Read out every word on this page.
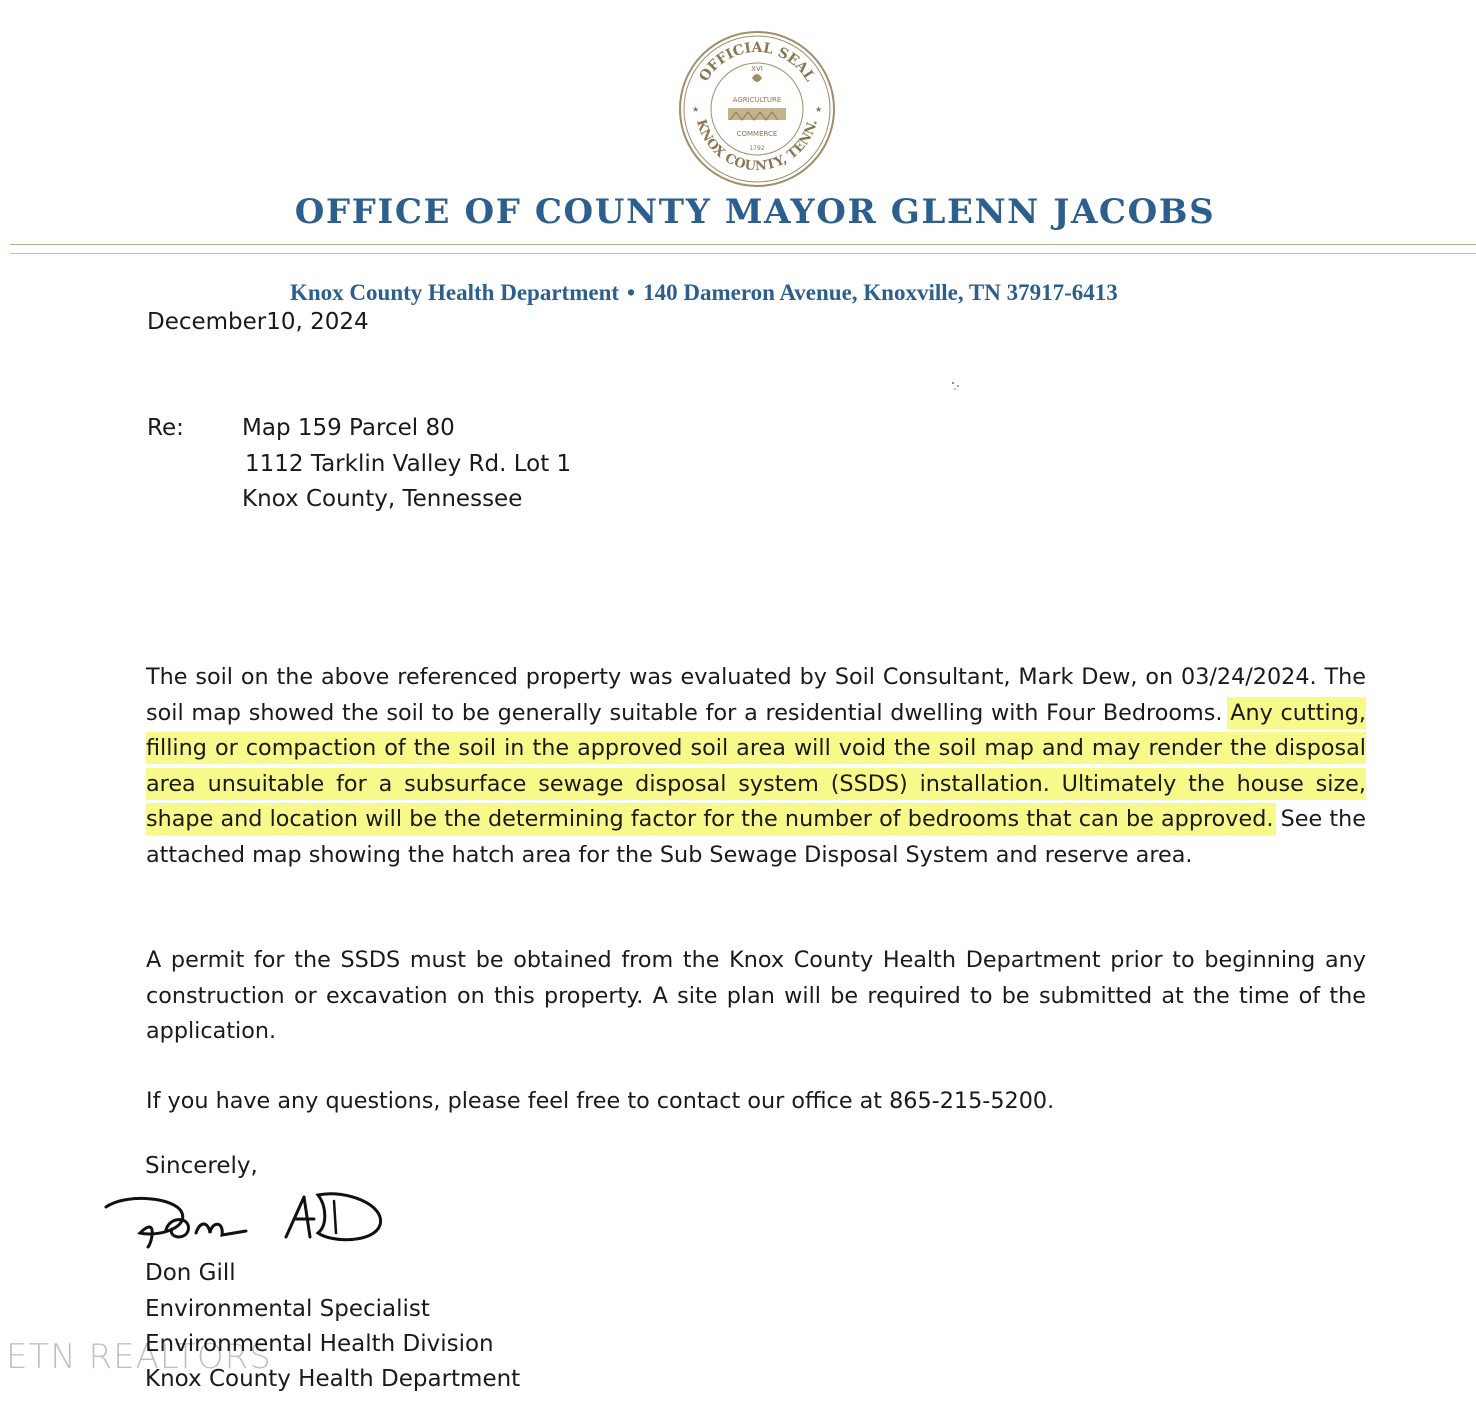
OFFICIAL SEAL
KNOX COUNTY, TENN.
XVI
AGRICULTURE
COMMERCE
1792
★	★
OFFICE OF COUNTY MAYOR GLENN JACOBS
Knox County Health Department • 140 Dameron Avenue, Knoxville, TN 37917-6413
December10, 2024
Re:	Map 159 Parcel 80
1112 Tarklin Valley Rd. Lot 1
Knox County, Tennessee
The soil on the above referenced property was evaluated by Soil Consultant, Mark Dew, on 03/24/2024. The soil map showed the soil to be generally suitable for a residential dwelling with Four Bedrooms. Any cutting, filling or compaction of the soil in the approved soil area will void the soil map and may render the disposal area unsuitable for a subsurface sewage disposal system (SSDS) installation. Ultimately the house size, shape and location will be the determining factor for the number of bedrooms that can be approved. See the attached map showing the hatch area for the Sub Sewage Disposal System and reserve area.
A permit for the SSDS must be obtained from the Knox County Health Department prior to beginning any construction or excavation on this property. A site plan will be required to be submitted at the time of the application.
If you have any questions, please feel free to contact our office at 865-215-5200.
Sincerely,
Don Gill
Environmental Specialist
Environmental Health Division
Knox County Health Department
ETN REALTORS
